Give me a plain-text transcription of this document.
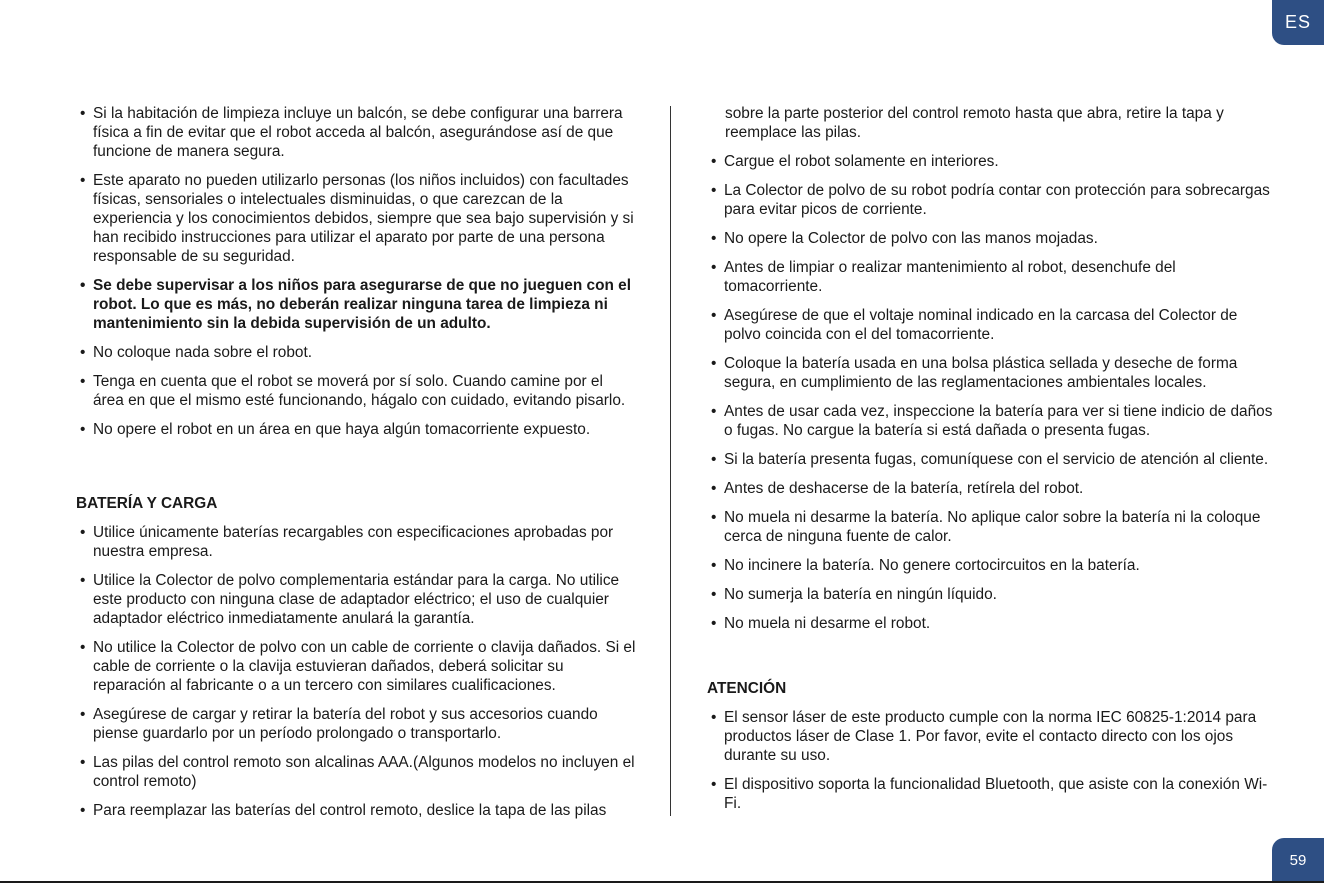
ES
• Si la habitación de limpieza incluye un balcón, se debe configurar una barrera física a fin de evitar que el robot acceda al balcón, asegurándose así de que funcione de manera segura.
• Este aparato no pueden utilizarlo personas (los niños incluidos) con facultades físicas, sensoriales o intelectuales disminuidas, o que carezcan de la experiencia y los conocimientos debidos, siempre que sea bajo supervisión y si han recibido instrucciones para utilizar el aparato por parte de una persona responsable de su seguridad.
• Se debe supervisar a los niños para asegurarse de que no jueguen con el robot. Lo que es más, no deberán realizar ninguna tarea de limpieza ni mantenimiento sin la debida supervisión de un adulto.
• No coloque nada sobre el robot.
• Tenga en cuenta que el robot se moverá por sí solo. Cuando camine por el área en que el mismo esté funcionando, hágalo con cuidado, evitando pisarlo.
• No opere el robot en un área en que haya algún tomacorriente expuesto.
BATERÍA Y CARGA
• Utilice únicamente baterías recargables con especificaciones aprobadas por nuestra empresa.
• Utilice la Colector de polvo complementaria estándar para la carga. No utilice este producto con ninguna clase de adaptador eléctrico; el uso de cualquier adaptador eléctrico inmediatamente anulará la garantía.
• No utilice la Colector de polvo con un cable de corriente o clavija dañados. Si el cable de corriente o la clavija estuvieran dañados, deberá solicitar su reparación al fabricante o a un tercero con similares cualificaciones.
• Asegúrese de cargar y retirar la batería del robot y sus accesorios cuando piense guardarlo por un período prolongado o transportarlo.
• Las pilas del control remoto son alcalinas AAA.(Algunos modelos no incluyen el control remoto)
• Para reemplazar las baterías del control remoto, deslice la tapa de las pilas
sobre la parte posterior del control remoto hasta que abra, retire la tapa y reemplace las pilas.
• Cargue el robot solamente en interiores.
• La Colector de polvo de su robot podría contar con protección para sobrecargas para evitar picos de corriente.
• No opere la Colector de polvo con las manos mojadas.
• Antes de limpiar o realizar mantenimiento al robot, desenchufe del tomacorriente.
• Asegúrese de que el voltaje nominal indicado en la carcasa del Colector de polvo coincida con el del tomacorriente.
• Coloque la batería usada en una bolsa plástica sellada y deseche de forma segura, en cumplimiento de las reglamentaciones ambientales locales.
• Antes de usar cada vez, inspeccione la batería para ver si tiene indicio de daños o fugas. No cargue la batería si está dañada o presenta fugas.
• Si la batería presenta fugas, comuníquese con el servicio de atención al cliente.
• Antes de deshacerse de la batería, retírela del robot.
• No muela ni desarme la batería. No aplique calor sobre la batería ni la coloque cerca de ninguna fuente de calor.
• No incinere la batería. No genere cortocircuitos en la batería.
• No sumerja la batería en ningún líquido.
• No muela ni desarme el robot.
ATENCIÓN
• El sensor láser de este producto cumple con la norma IEC 60825-1:2014 para productos láser de Clase 1. Por favor, evite el contacto directo con los ojos durante su uso.
• El dispositivo soporta la funcionalidad Bluetooth, que asiste con la conexión Wi-Fi.
59
